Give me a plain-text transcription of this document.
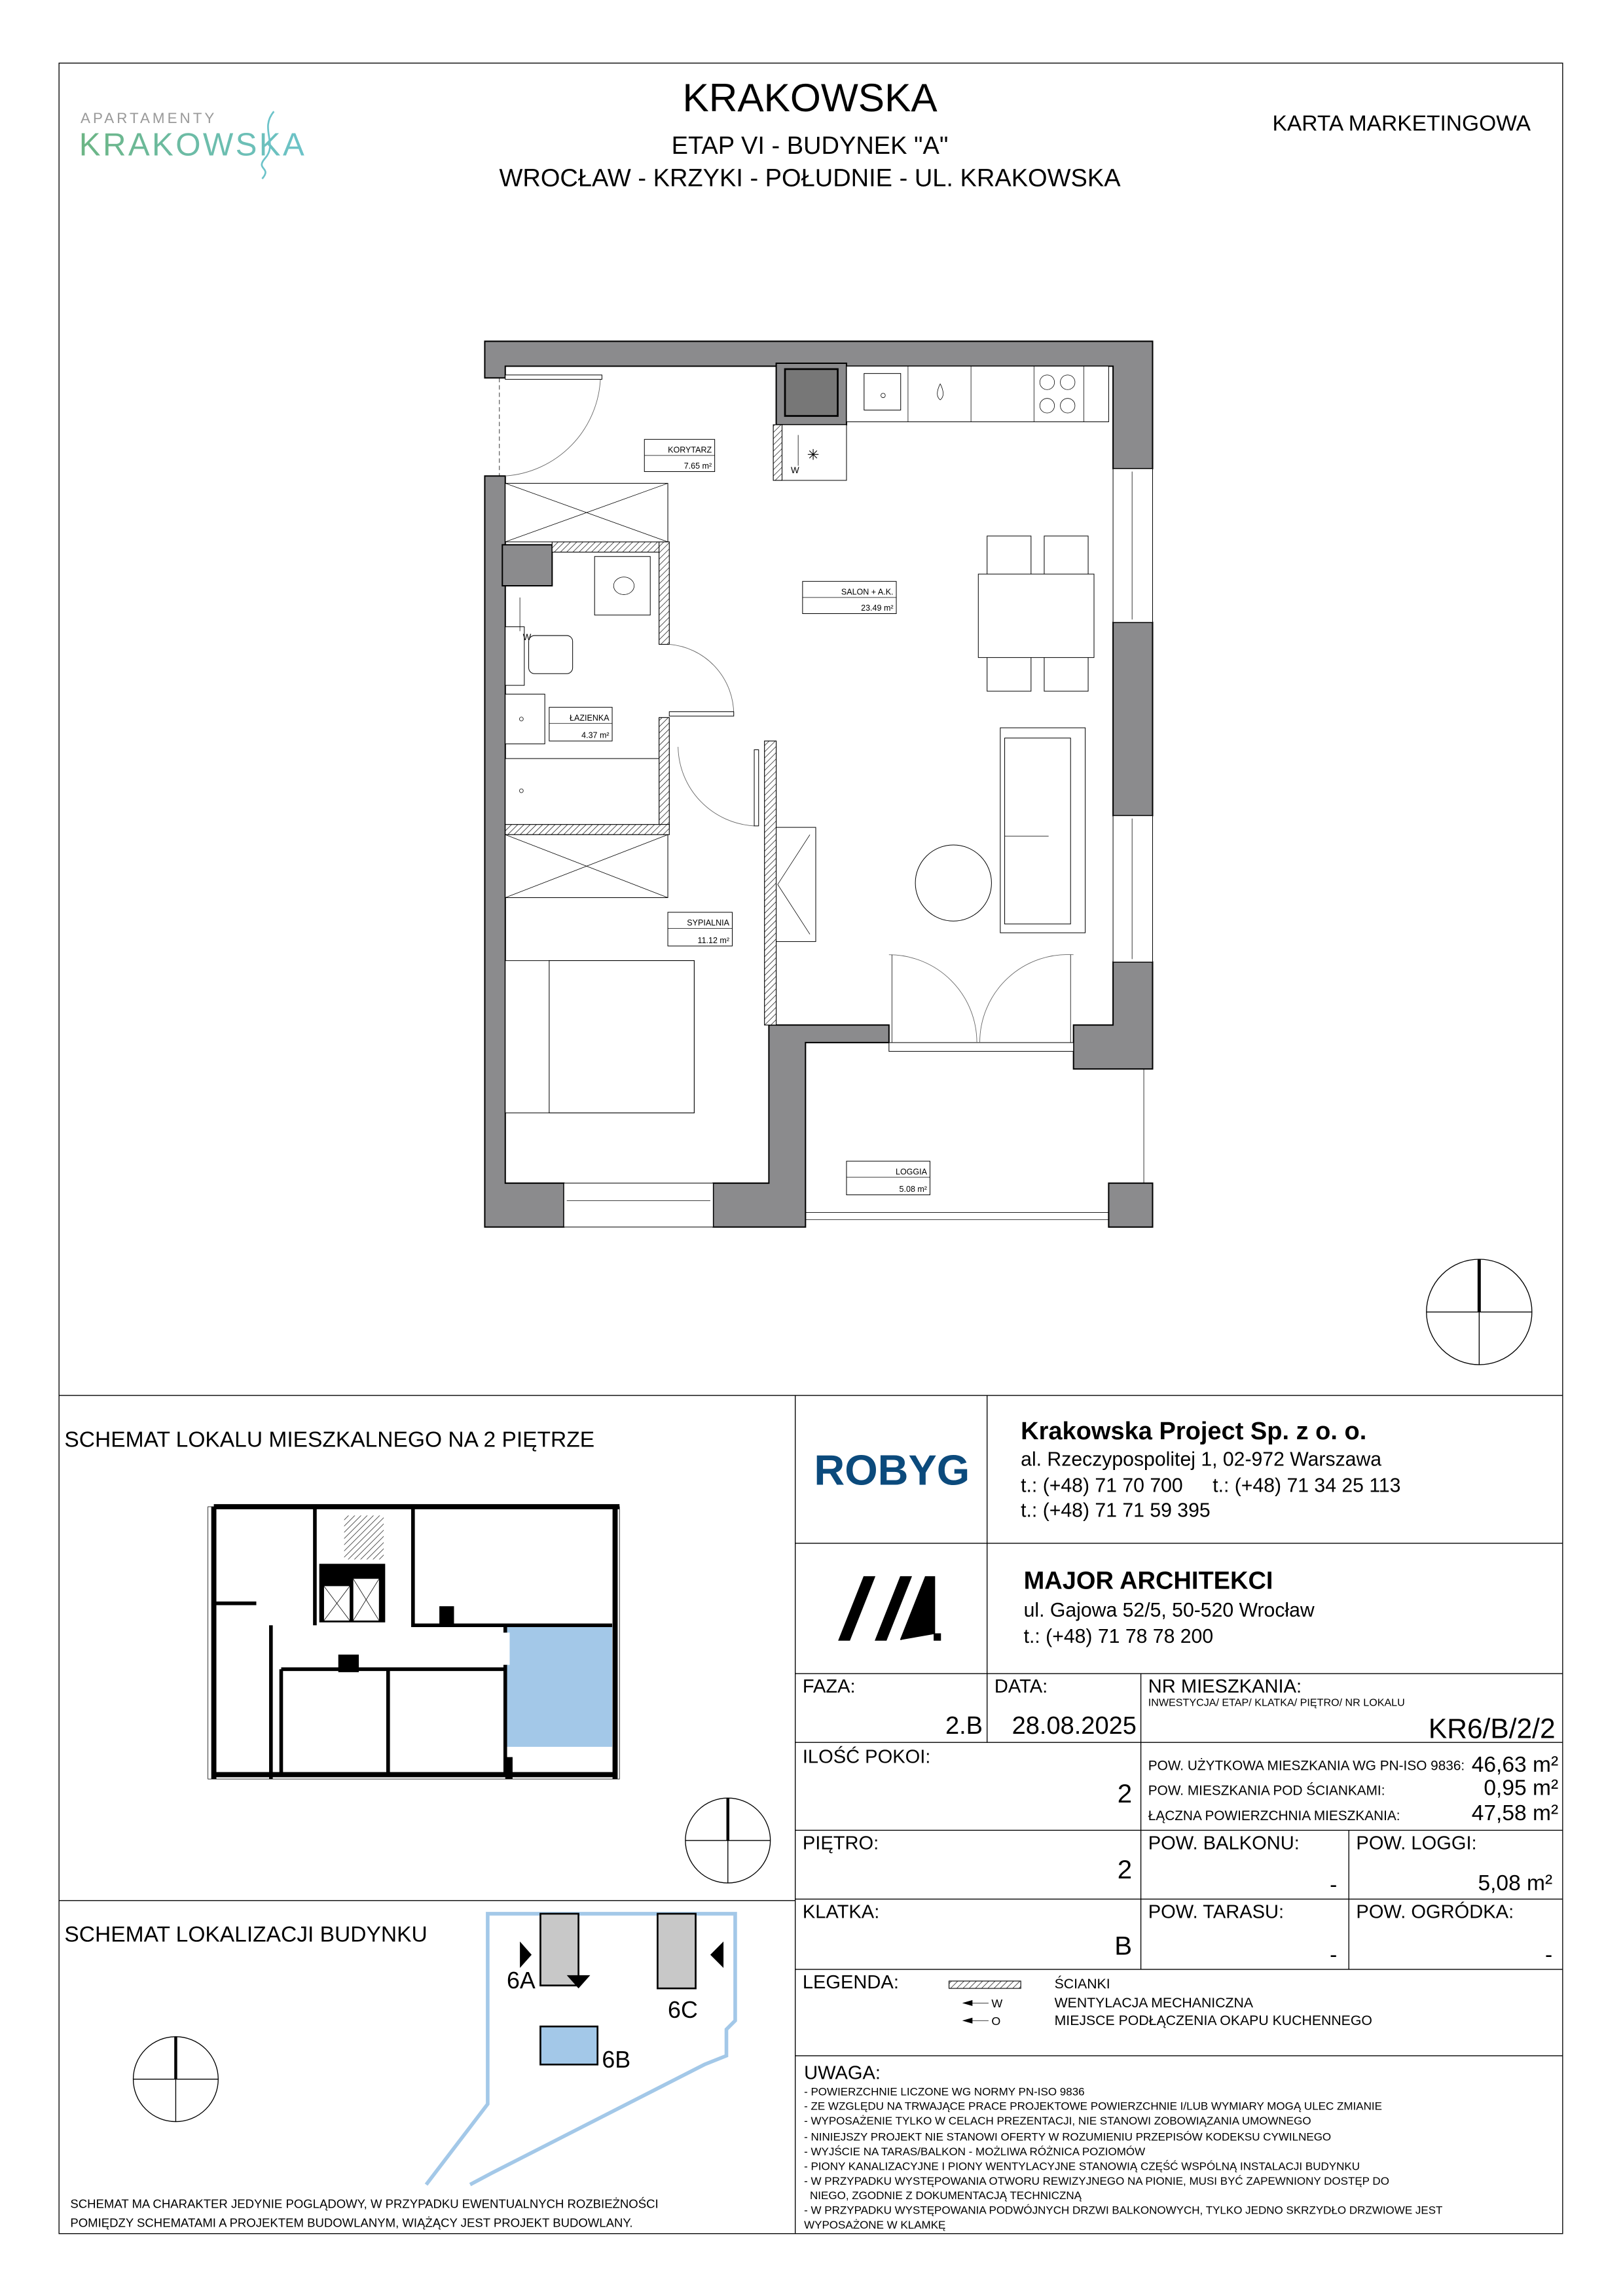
APARTAMENTY
KRAKOWSKA
KRAKOWSKA
ETAP VI - BUDYNEK "A"
WROCŁAW - KRZYKI - POŁUDNIE - UL. KRAKOWSKA
KARTA MARKETINGOWA
W
✳
W
KORYTARZ
7.65 m²
SALON + A.K.
23.49 m²
ŁAZIENKA
4.37 m²
SYPIALNIA
11.12 m²
LOGGIA
5.08 m²
SCHEMAT LOKALU MIESZKALNEGO NA 2 PIĘTRZE
SCHEMAT LOKALIZACJI BUDYNKU
6A
6C
6B
SCHEMAT MA CHARAKTER JEDYNIE POGLĄDOWY, W PRZYPADKU EWENTUALNYCH ROZBIEŻNOŚCI
POMIĘDZY SCHEMATAMI A PROJEKTEM BUDOWLANYM, WIĄŻĄCY JEST PROJEKT BUDOWLANY.
ROBYG
Krakowska Project Sp. z o. o.
al. Rzeczypospolitej 1, 02-972 Warszawa
t.: (+48) 71 70 700	t.: (+48) 71 34 25 113
t.: (+48) 71 71 59 395
MAJOR ARCHITEKCI
ul. Gajowa 52/5, 50-520 Wrocław
t.: (+48) 71 78 78 200
FAZA:
2.B
DATA:
28.08.2025
NR MIESZKANIA:
INWESTYCJA/ ETAP/ KLATKA/ PIĘTRO/ NR LOKALU
KR6/B/2/2
ILOŚĆ POKOI:
2
POW. UŻYTKOWA MIESZKANIA WG PN-ISO 9836: 46,63 m²
POW. MIESZKANIA POD ŚCIANKAMI:	0,95 m²
ŁĄCZNA POWIERZCHNIA MIESZKANIA:	47,58 m²
PIĘTRO:
2
POW. BALKONU:
-
POW. LOGGI:
5,08 m²
KLATKA:
B
POW. TARASU:
-
POW. OGRÓDKA:
-
LEGENDA:	ŚCIANKI
W	WENTYLACJA MECHANICZNA
O	MIEJSCE PODŁĄCZENIA OKAPU KUCHENNEGO
UWAGA:
- POWIERZCHNIE LICZONE WG NORMY PN-ISO 9836
- ZE WZGLĘDU NA TRWAJĄCE PRACE PROJEKTOWE POWIERZCHNIE I/LUB WYMIARY MOGĄ ULEC ZMIANIE
- WYPOSAŻENIE TYLKO W CELACH PREZENTACJI, NIE STANOWI ZOBOWIĄZANIA UMOWNEGO
- NINIEJSZY PROJEKT NIE STANOWI OFERTY W ROZUMIENIU PRZEPISÓW KODEKSU CYWILNEGO
- WYJŚCIE NA TARAS/BALKON - MOŻLIWA RÓŻNICA POZIOMÓW
- PIONY KANALIZACYJNE I PIONY WENTYLACYJNE STANOWIĄ CZĘŚĆ WSPÓLNĄ INSTALACJI BUDYNKU
- W PRZYPADKU WYSTĘPOWANIA OTWORU REWIZYJNEGO NA PIONIE, MUSI BYĆ ZAPEWNIONY DOSTĘP DO
NIEGO, ZGODNIE Z DOKUMENTACJĄ TECHNICZNĄ
- W PRZYPADKU WYSTĘPOWANIA PODWÓJNYCH DRZWI BALKONOWYCH, TYLKO JEDNO SKRZYDŁO DRZWIOWE JEST
WYPOSAŻONE W KLAMKĘ
